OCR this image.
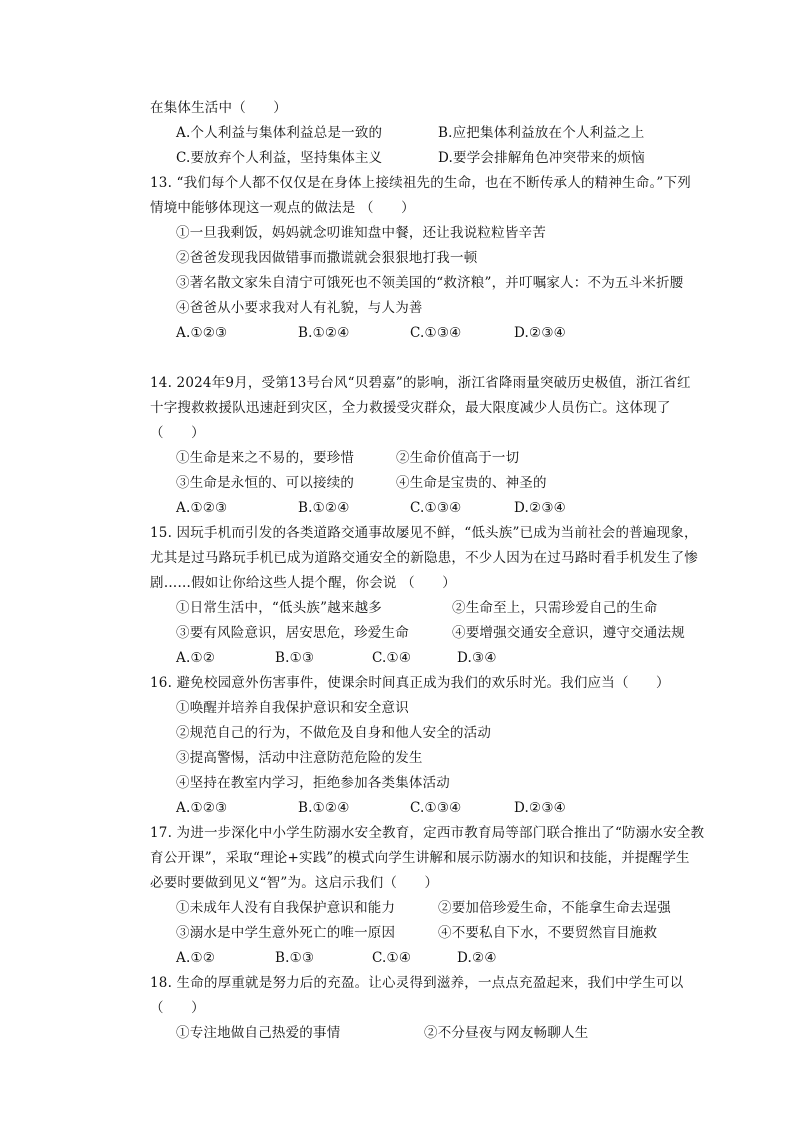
在集体生活中（　　）
A.个人利益与集体利益总是一致的	B.应把集体利益放在个人利益之上
C.要放弃个人利益，坚持集体主义	D.要学会排解角色冲突带来的烦恼
13. “我们每个人都不仅仅是在身体上接续祖先的生命，也在不断传承人的精神生命。”下列
情境中能够体现这一观点的做法是 （　　）
①一旦我剩饭，妈妈就念叨谁知盘中餐，还让我说粒粒皆辛苦
②爸爸发现我因做错事而撒谎就会狠狠地打我一顿
③著名散文家朱自清宁可饿死也不领美国的“救济粮”，并叮嘱家人：不为五斗米折腰
④爸爸从小要求我对人有礼貌，与人为善
A.①②③	B.①②④	C.①③④	D.②③④
14. 2024年9月，受第13号台风“贝碧嘉”的影响，浙江省降雨量突破历史极值，浙江省红
十字搜救救援队迅速赶到灾区，全力救援受灾群众，最大限度减少人员伤亡。这体现了
（　　）
①生命是来之不易的，要珍惜	②生命价值高于一切
③生命是永恒的、可以接续的	④生命是宝贵的、神圣的
A.①②③	B.①②④	C.①③④	D.②③④
15. 因玩手机而引发的各类道路交通事故屡见不鲜，“低头族”已成为当前社会的普遍现象，
尤其是过马路玩手机已成为道路交通安全的新隐患，不少人因为在过马路时看手机发生了惨
剧……假如让你给这些人提个醒，你会说 （　　）
①日常生活中，“低头族”越来越多	②生命至上，只需珍爱自己的生命
③要有风险意识，居安思危，珍爱生命	④要增强交通安全意识，遵守交通法规
A.①②	B.①③	C.①④	D.③④
16. 避免校园意外伤害事件，使课余时间真正成为我们的欢乐时光。我们应当（　　）
①唤醒并培养自我保护意识和安全意识
②规范自己的行为，不做危及自身和他人安全的活动
③提高警惕，活动中注意防范危险的发生
④坚持在教室内学习，拒绝参加各类集体活动
A.①②③	B.①②④	C.①③④	D.②③④
17. 为进一步深化中小学生防溺水安全教育，定西市教育局等部门联合推出了“防溺水安全教
育公开课”，采取“理论+实践”的模式向学生讲解和展示防溺水的知识和技能，并提醒学生
必要时要做到见义“智”为。这启示我们（　　）
①未成年人没有自我保护意识和能力	②要加倍珍爱生命，不能拿生命去逞强
③溺水是中学生意外死亡的唯一原因	④不要私自下水，不要贸然盲目施救
A.①②	B.①③	C.①④	D.②④
18. 生命的厚重就是努力后的充盈。让心灵得到滋养，一点点充盈起来，我们中学生可以
（　　）
①专注地做自己热爱的事情	②不分昼夜与网友畅聊人生
